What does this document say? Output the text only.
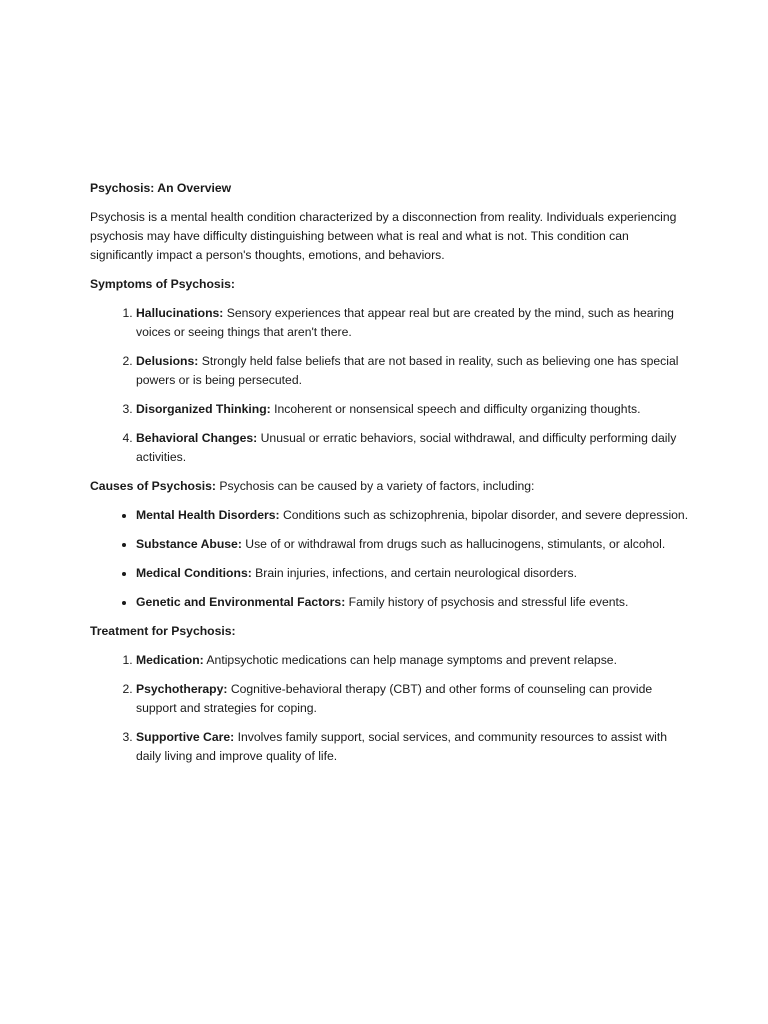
Psychosis: An Overview

Psychosis is a mental health condition characterized by a disconnection from reality. Individuals experiencing psychosis may have difficulty distinguishing between what is real and what is not. This condition can significantly impact a person's thoughts, emotions, and behaviors.

Symptoms of Psychosis:

1. Hallucinations: Sensory experiences that appear real but are created by the mind, such as hearing voices or seeing things that aren't there.
2. Delusions: Strongly held false beliefs that are not based in reality, such as believing one has special powers or is being persecuted.
3. Disorganized Thinking: Incoherent or nonsensical speech and difficulty organizing thoughts.
4. Behavioral Changes: Unusual or erratic behaviors, social withdrawal, and difficulty performing daily activities.

Causes of Psychosis: Psychosis can be caused by a variety of factors, including:

• Mental Health Disorders: Conditions such as schizophrenia, bipolar disorder, and severe depression.
• Substance Abuse: Use of or withdrawal from drugs such as hallucinogens, stimulants, or alcohol.
• Medical Conditions: Brain injuries, infections, and certain neurological disorders.
• Genetic and Environmental Factors: Family history of psychosis and stressful life events.

Treatment for Psychosis:

1. Medication: Antipsychotic medications can help manage symptoms and prevent relapse.
2. Psychotherapy: Cognitive-behavioral therapy (CBT) and other forms of counseling can provide support and strategies for coping.
3. Supportive Care: Involves family support, social services, and community resources to assist with daily living and improve quality of life.
